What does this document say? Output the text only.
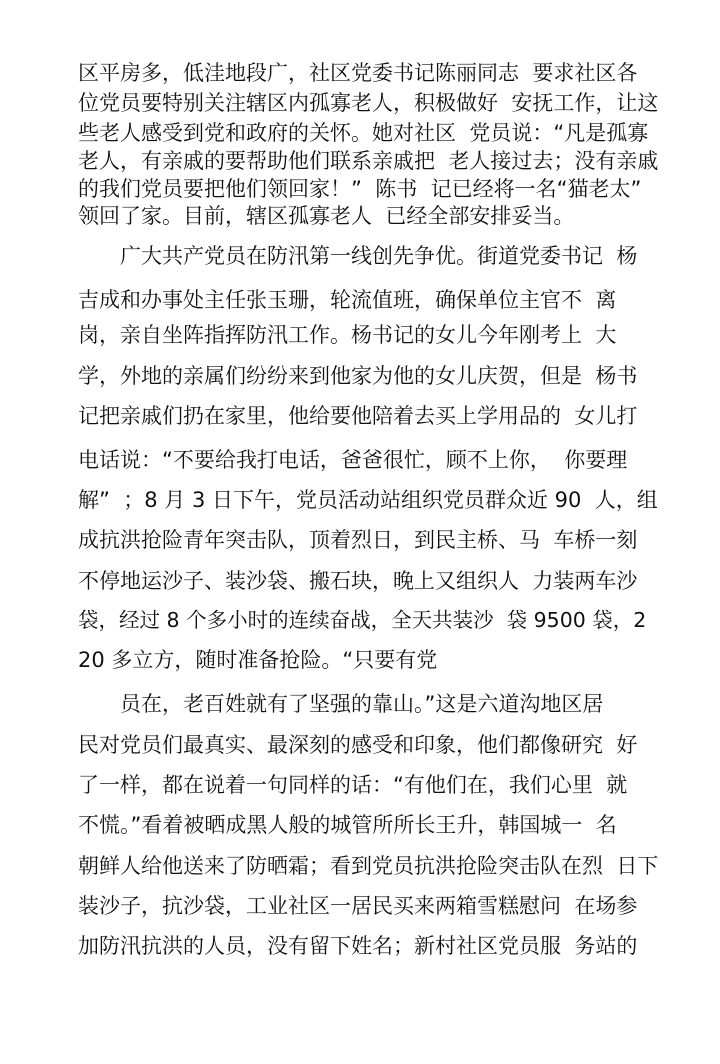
区平房多，低洼地段广，社区党委书记陈丽同志  要求社区各
位党员要特别关注辖区内孤寡老人，积极做好  安抚工作，让这
些老人感受到党和政府的关怀。她对社区  党员说：“凡是孤寡
老人，有亲戚的要帮助他们联系亲戚把  老人接过去；没有亲戚
的我们党员要把他们领回家！”  陈书  记已经将一名“猫老太”
领回了家。目前，辖区孤寡老人  已经全部安排妥当。
广大共产党员在防汛第一线创先争优。街道党委书记  杨
吉成和办事处主任张玉珊，轮流值班，确保单位主官不  离
岗，亲自坐阵指挥防汛工作。杨书记的女儿今年刚考上  大
学，外地的亲属们纷纷来到他家为他的女儿庆贺，但是  杨书
记把亲戚们扔在家里，他给要他陪着去买上学用品的  女儿打
电话说：“不要给我打电话，爸爸很忙，顾不上你，  你要理
解”  ；8 月 3 日下午，党员活动站组织党员群众近 90  人，组
成抗洪抢险青年突击队，顶着烈日，到民主桥、马  车桥一刻
不停地运沙子、装沙袋、搬石块，晚上又组织人  力装两车沙
袋，经过 8 个多小时的连续奋战，全天共装沙  袋 9500 袋，2
20 多立方，随时准备抢险。“只要有党
员在，老百姓就有了坚强的靠山。”这是六道沟地区居
民对党员们最真实、最深刻的感受和印象，他们都像研究  好
了一样，都在说着一句同样的话：“有他们在，我们心里  就
不慌。”看着被晒成黑人般的城管所所长王升，韩国城一  名
朝鲜人给他送来了防晒霜；看到党员抗洪抢险突击队在烈  日下
装沙子，抗沙袋，工业社区一居民买来两箱雪糕慰问  在场参
加防汛抗洪的人员，没有留下姓名；新村社区党员服  务站的
